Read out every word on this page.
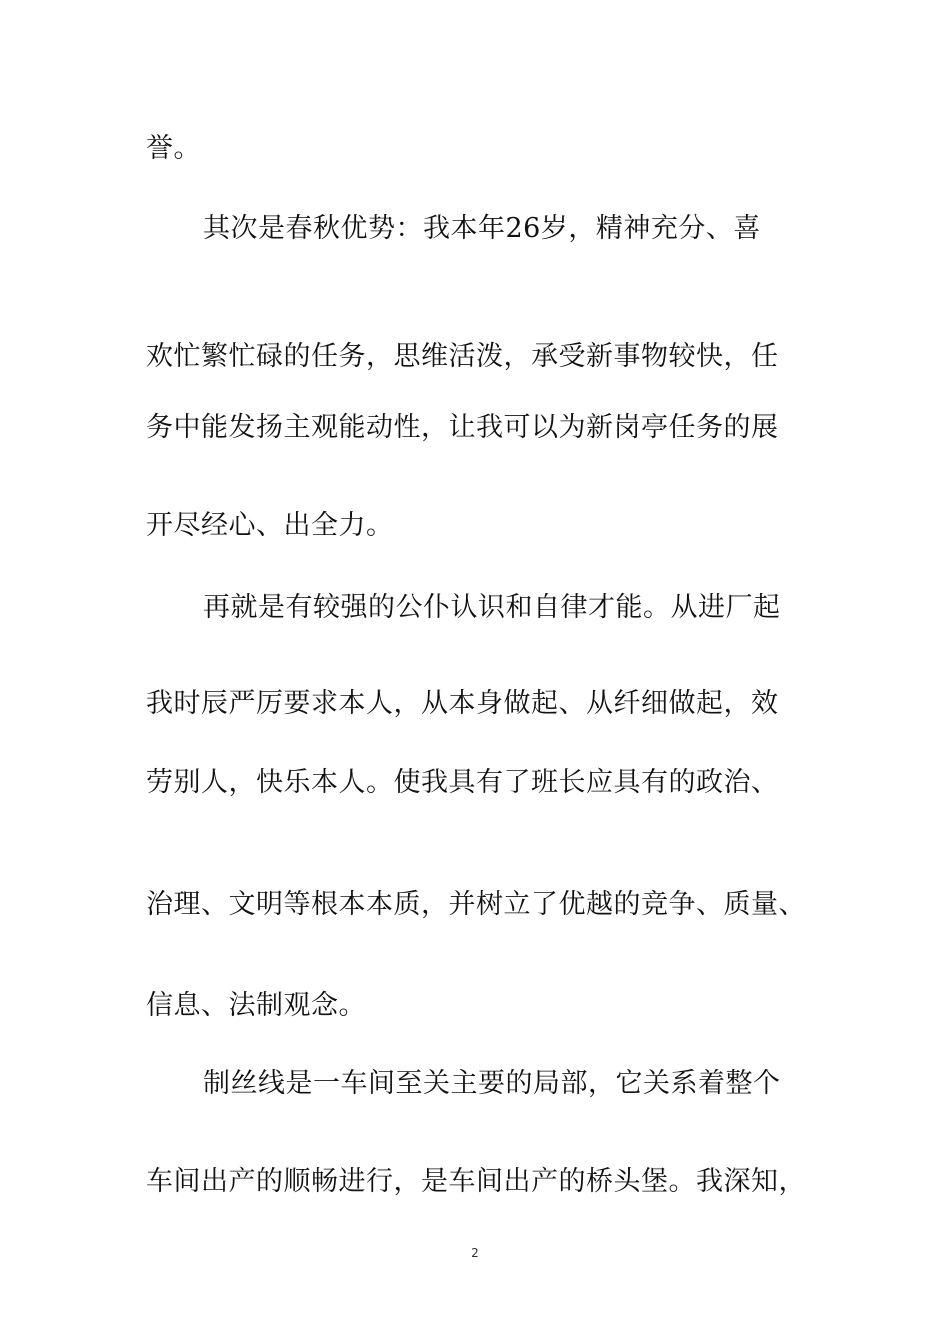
誉。
其次是春秋优势：我本年26岁，精神充分、喜
欢忙繁忙碌的任务，思维活泼，承受新事物较快，任
务中能发扬主观能动性，让我可以为新岗亭任务的展
开尽经心、出全力。
再就是有较强的公仆认识和自律才能。从进厂起
我时辰严厉要求本人，从本身做起、从纤细做起，效
劳别人，快乐本人。使我具有了班长应具有的政治、
治理、文明等根本本质，并树立了优越的竞争、质量、
信息、法制观念。
制丝线是一车间至关主要的局部，它关系着整个
车间出产的顺畅进行，是车间出产的桥头堡。我深知，
2
